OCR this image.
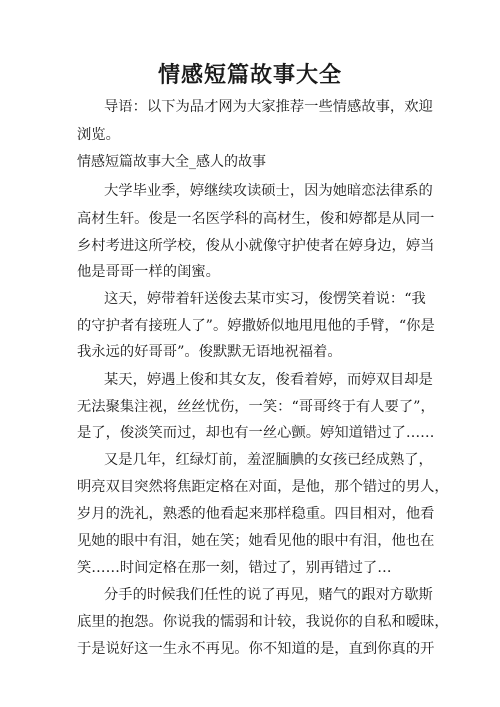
情感短篇故事大全
导语：以下为品才网为大家推荐一些情感故事，欢迎
浏览。
情感短篇故事大全_感人的故事
大学毕业季，婷继续攻读硕士，因为她暗恋法律系的
高材生轩。俊是一名医学科的高材生，俊和婷都是从同一
乡村考进这所学校，俊从小就像守护使者在婷身边，婷当
他是哥哥一样的闺蜜。
这天，婷带着轩送俊去某市实习，俊愣笑着说：“我
的守护者有接班人了”。婷撒娇似地甩甩他的手臂，“你是
我永远的好哥哥”。俊默默无语地祝福着。
某天，婷遇上俊和其女友，俊看着婷，而婷双目却是
无法聚集注视，丝丝忧伤，一笑：“哥哥终于有人要了”，
是了，俊淡笑而过，却也有一丝心颤。婷知道错过了……
又是几年，红绿灯前，羞涩腼腆的女孩已经成熟了，
明亮双目突然将焦距定格在对面，是他，那个错过的男人，
岁月的洗礼，熟悉的他看起来那样稳重。四目相对，他看
见她的眼中有泪，她在笑；她看见他的眼中有泪，他也在
笑……时间定格在那一刻，错过了，别再错过了…
分手的时候我们任性的说了再见，赌气的跟对方歇斯
底里的抱怨。你说我的懦弱和计较，我说你的自私和暧昧，
于是说好这一生永不再见。你不知道的是，直到你真的开
